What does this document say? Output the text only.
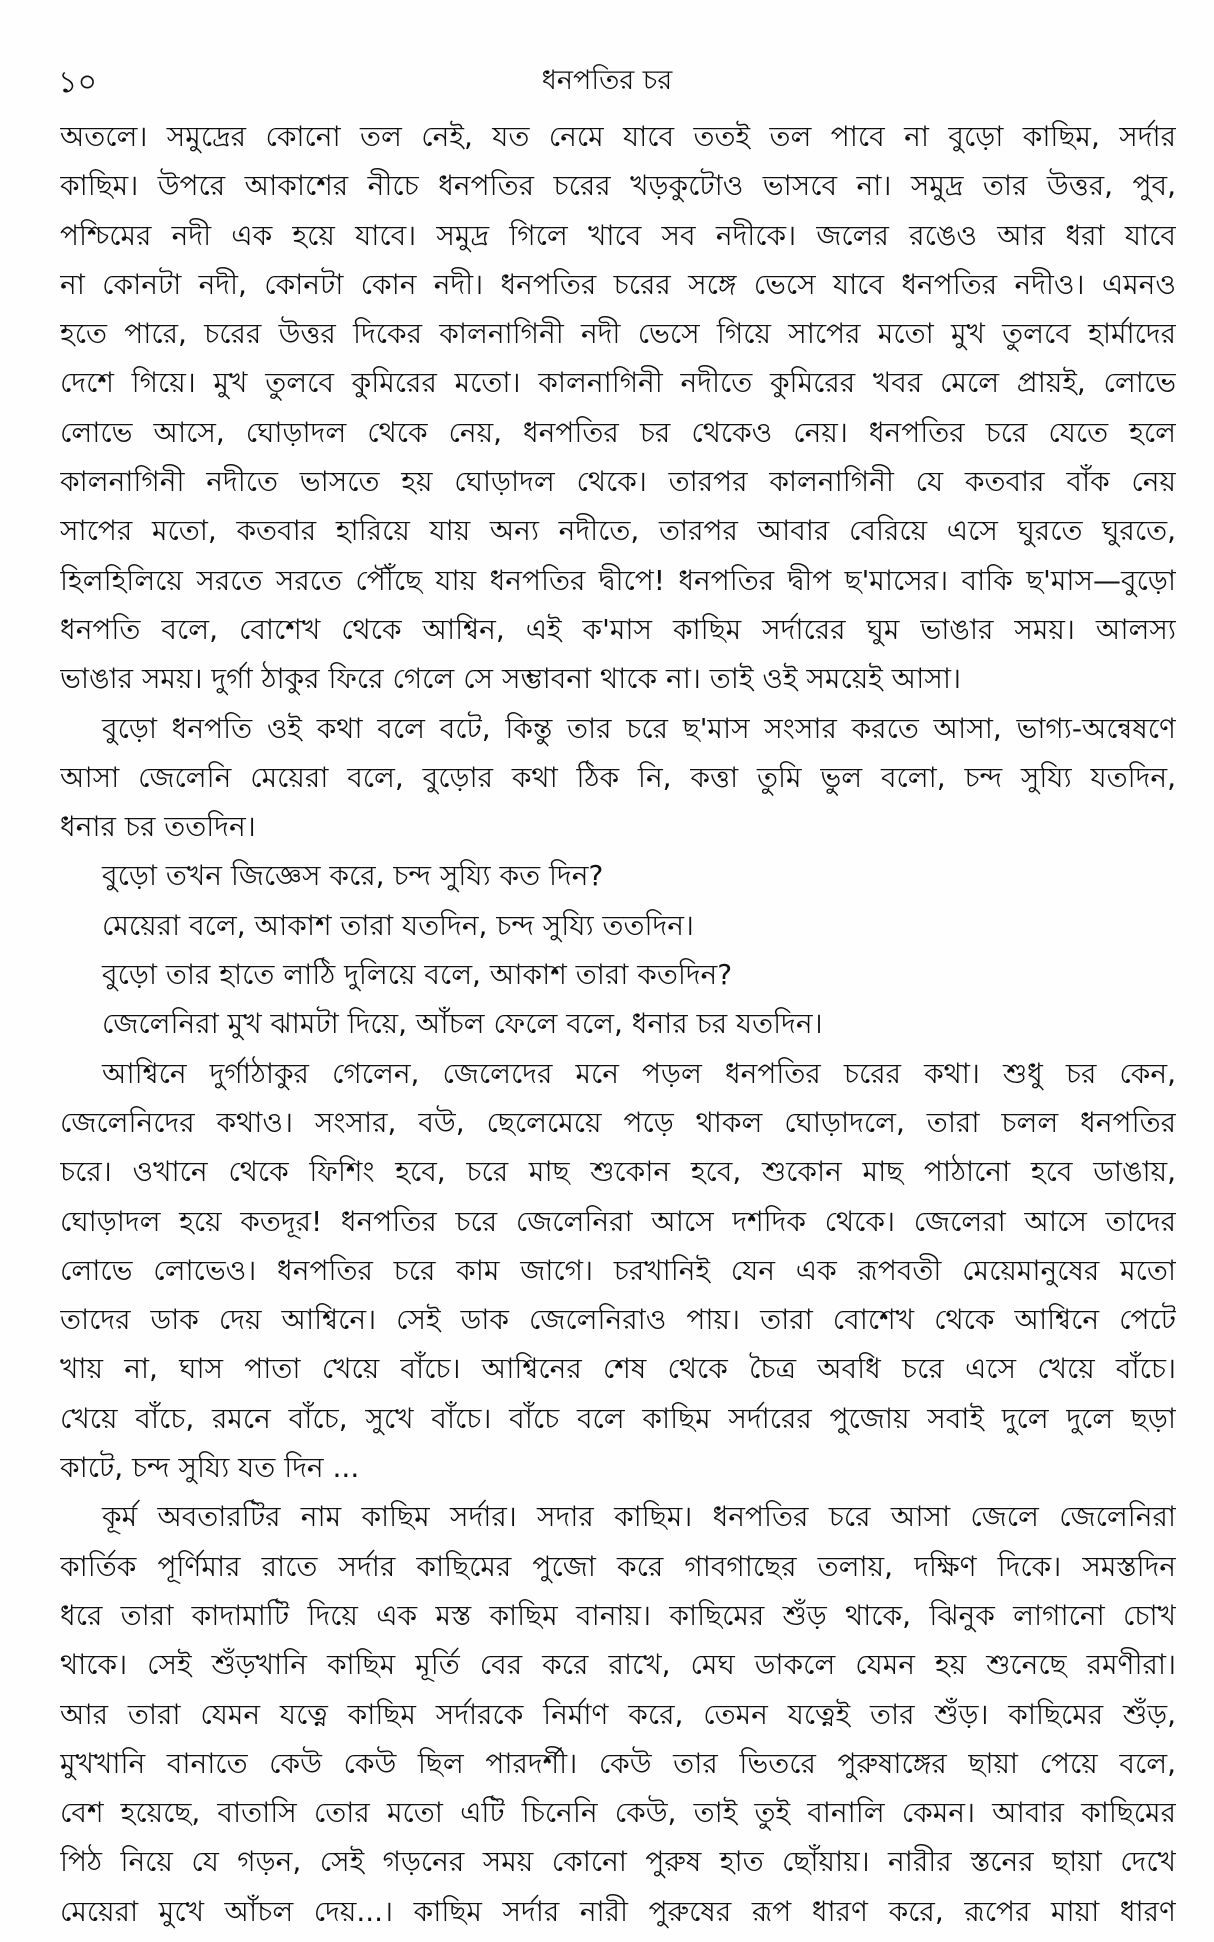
১০	ধনপতির চর
অতলে। সমুদ্রের কোনো তল নেই, যত নেমে যাবে ততই তল পাবে না বুড়ো কাছিম, সর্দার
কাছিম। উপরে আকাশের নীচে ধনপতির চরের খড়কুটোও ভাসবে না। সমুদ্র তার উত্তর, পুব,
পশ্চিমের নদী এক হয়ে যাবে। সমুদ্র গিলে খাবে সব নদীকে। জলের রঙেও আর ধরা যাবে
না কোনটা নদী, কোনটা কোন নদী। ধনপতির চরের সঙ্গে ভেসে যাবে ধনপতির নদীও। এমনও
হতে পারে, চরের উত্তর দিকের কালনাগিনী নদী ভেসে গিয়ে সাপের মতো মুখ তুলবে হার্মাদের
দেশে গিয়ে। মুখ তুলবে কুমিরের মতো। কালনাগিনী নদীতে কুমিরের খবর মেলে প্রায়ই, লোভে
লোভে আসে, ঘোড়াদল থেকে নেয়, ধনপতির চর থেকেও নেয়। ধনপতির চরে যেতে হলে
কালনাগিনী নদীতে ভাসতে হয় ঘোড়াদল থেকে। তারপর কালনাগিনী যে কতবার বাঁক নেয়
সাপের মতো, কতবার হারিয়ে যায় অন্য নদীতে, তারপর আবার বেরিয়ে এসে ঘুরতে ঘুরতে,
হিলহিলিয়ে সরতে সরতে পৌঁছে যায় ধনপতির দ্বীপে! ধনপতির দ্বীপ ছ'মাসের। বাকি ছ'মাস—বুড়ো
ধনপতি বলে, বোশেখ থেকে আশ্বিন, এই ক'মাস কাছিম সর্দারের ঘুম ভাঙার সময়। আলস্য
ভাঙার সময়। দুর্গা ঠাকুর ফিরে গেলে সে সম্ভাবনা থাকে না। তাই ওই সময়েই আসা।
বুড়ো ধনপতি ওই কথা বলে বটে, কিন্তু তার চরে ছ'মাস সংসার করতে আসা, ভাগ্য-অন্বেষণে
আসা জেলেনি মেয়েরা বলে, বুড়োর কথা ঠিক নি, কত্তা তুমি ভুল বলো, চন্দ সুয্যি যতদিন,
ধনার চর ততদিন।
বুড়ো তখন জিজ্ঞেস করে, চন্দ সুয্যি কত দিন?
মেয়েরা বলে, আকাশ তারা যতদিন, চন্দ সুয্যি ততদিন।
বুড়ো তার হাতে লাঠি দুলিয়ে বলে, আকাশ তারা কতদিন?
জেলেনিরা মুখ ঝামটা দিয়ে, আঁচল ফেলে বলে, ধনার চর যতদিন।
আশ্বিনে দুর্গাঠাকুর গেলেন, জেলেদের মনে পড়ল ধনপতির চরের কথা। শুধু চর কেন,
জেলেনিদের কথাও। সংসার, বউ, ছেলেমেয়ে পড়ে থাকল ঘোড়াদলে, তারা চলল ধনপতির
চরে। ওখানে থেকে ফিশিং হবে, চরে মাছ শুকোন হবে, শুকোন মাছ পাঠানো হবে ডাঙায়,
ঘোড়াদল হয়ে কতদূর! ধনপতির চরে জেলেনিরা আসে দশদিক থেকে। জেলেরা আসে তাদের
লোভে লোভেও। ধনপতির চরে কাম জাগে। চরখানিই যেন এক রূপবতী মেয়েমানুষের মতো
তাদের ডাক দেয় আশ্বিনে। সেই ডাক জেলেনিরাও পায়। তারা বোশেখ থেকে আশ্বিনে পেটে
খায় না, ঘাস পাতা খেয়ে বাঁচে। আশ্বিনের শেষ থেকে চৈত্র অবধি চরে এসে খেয়ে বাঁচে।
খেয়ে বাঁচে, রমনে বাঁচে, সুখে বাঁচে। বাঁচে বলে কাছিম সর্দারের পুজোয় সবাই দুলে দুলে ছড়া
কাটে, চন্দ সুয্যি যত দিন ...
কূর্ম অবতারটির নাম কাছিম সর্দার। সদার কাছিম। ধনপতির চরে আসা জেলে জেলেনিরা
কার্তিক পূর্ণিমার রাতে সর্দার কাছিমের পুজো করে গাবগাছের তলায়, দক্ষিণ দিকে। সমস্তদিন
ধরে তারা কাদামাটি দিয়ে এক মস্ত কাছিম বানায়। কাছিমের শুঁড় থাকে, ঝিনুক লাগানো চোখ
থাকে। সেই শুঁড়খানি কাছিম মূর্তি বের করে রাখে, মেঘ ডাকলে যেমন হয় শুনেছে রমণীরা।
আর তারা যেমন যত্নে কাছিম সর্দারকে নির্মাণ করে, তেমন যত্নেই তার শুঁড়। কাছিমের শুঁড়,
মুখখানি বানাতে কেউ কেউ ছিল পারদর্শী। কেউ তার ভিতরে পুরুষাঙ্গের ছায়া পেয়ে বলে,
বেশ হয়েছে, বাতাসি তোর মতো এটি চিনেনি কেউ, তাই তুই বানালি কেমন। আবার কাছিমের
পিঠ নিয়ে যে গড়ন, সেই গড়নের সময় কোনো পুরুষ হাত ছোঁয়ায়। নারীর স্তনের ছায়া দেখে
মেয়েরা মুখে আঁচল দেয়...। কাছিম সর্দার নারী পুরুষের রূপ ধারণ করে, রূপের মায়া ধারণ
